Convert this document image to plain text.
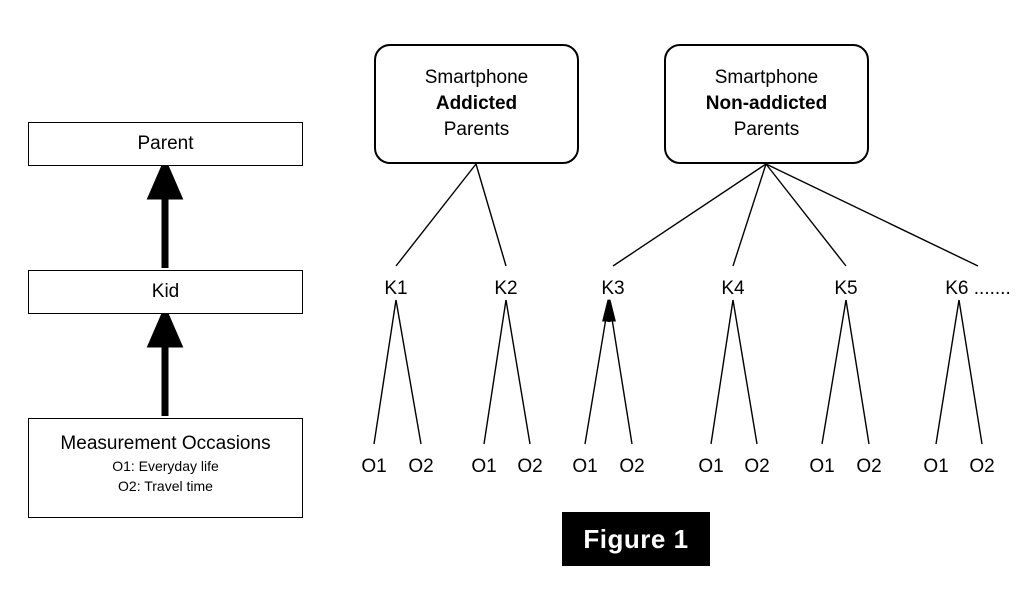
Parent
Kid
Measurement Occasions
O1: Everyday life
O2: Travel time
Smartphone
Addicted
Parents
Smartphone
Non-addicted
Parents
K1	K2	K3	K4	K5	K6 .......
O1 O2 O1 O2 O1 O2	O1 O2 O1 O2 O1 O2
Figure 1
